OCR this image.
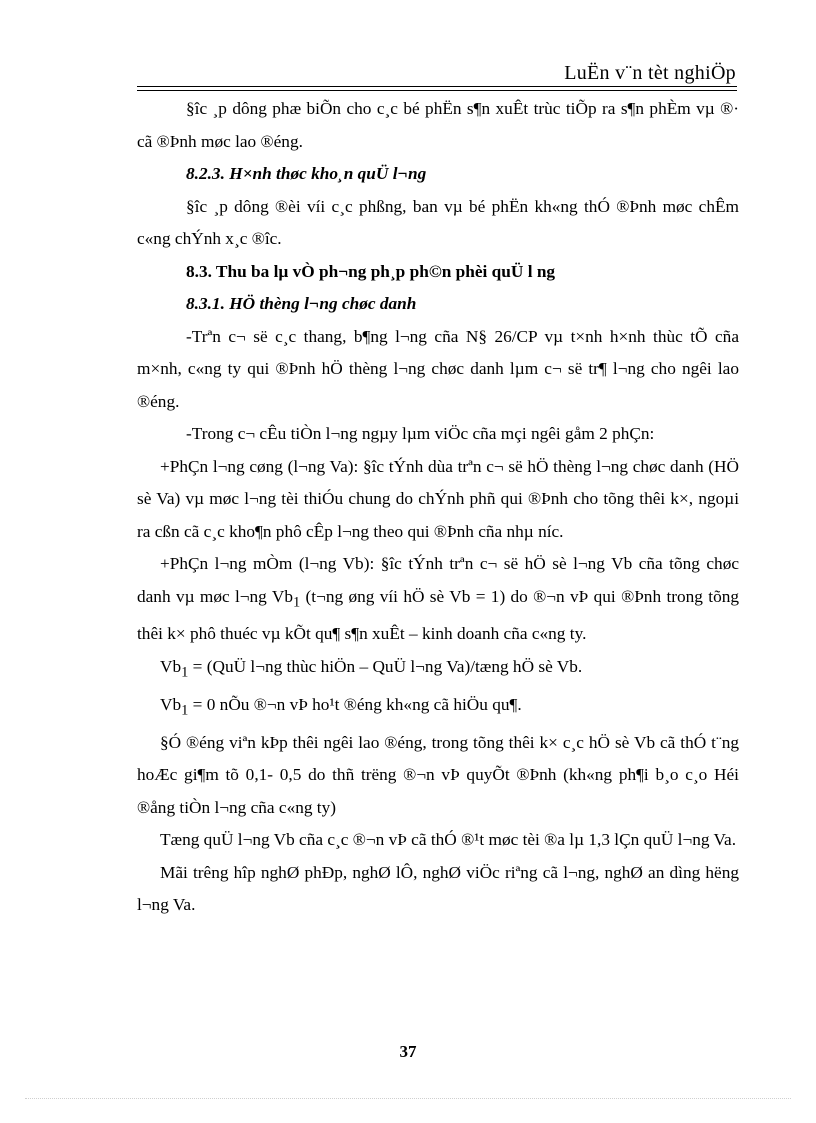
LuËn v¨n tèt nghiÖp

§îc ¸p dông phæ biÕn cho c¸c bé phËn s¶n xuÊt trùc tiÕp ra s¶n phÈm vµ ®· cã ®Þnh møc lao ®éng.

8.2.3. H×nh thøc kho¸n quÜ l¬ng

§îc ¸p dông ®èi víi c¸c phßng, ban vµ bé phËn kh«ng thÓ ®Þnh møc chÊm c«ng chÝnh x¸c ®îc.

8.3. Thu ba lµ vÒ ph¬ng ph¸p ph©n phèi quÜ l ng

8.3.1. HÖ thèng l¬ng chøc danh

-Trªn c¬ së c¸c thang, b¶ng l¬ng cña N§ 26/CP vµ t×nh h×nh thùc tÕ cña m×nh, c«ng ty qui ®Þnh hÖ thèng l¬ng chøc danh lµm c¬ së tr¶ l¬ng cho ngêi lao ®éng.

-Trong c¬ cÊu tiÒn l¬ng ngµy lµm viÖc cña mçi ngêi gåm 2 phÇn:

+PhÇn l¬ng cøng (l¬ng Va): §îc tÝnh dùa trªn c¬ së hÖ thèng l¬ng chøc danh (HÖ sè Va) vµ møc l¬ng tèi thiÓu chung do chÝnh phñ qui ®Þnh cho tõng thêi k×, ngoµi ra cßn cã c¸c kho¶n phô cÊp l¬ng theo qui ®Þnh cña nhµ níc.

+PhÇn l¬ng mÒm (l¬ng Vb): §îc tÝnh trªn c¬ së hÖ sè l¬ng Vb cña tõng chøc danh vµ møc l¬ng $Vb_1$ (t¬ng øng víi hÖ sè Vb = 1) do ®¬n vÞ qui ®Þnh trong tõng thêi k× phô thuéc vµ kÕt qu¶ s¶n xuÊt – kinh doanh cña c«ng ty.

$Vb_1$ = (QuÜ l¬ng thùc hiÖn – QuÜ l¬ng Va)/tæng hÖ sè Vb.

$Vb_1 = 0$ nÕu ®¬n vÞ ho¹t ®éng kh«ng cã hiÖu qu¶.

§Ó ®éng viªn kÞp thêi ngêi lao ®éng, trong tõng thêi k× c¸c hÖ sè Vb cã thÓ t¨ng hoÆc gi¶m tõ 0,1- 0,5 do thñ trëng ®¬n vÞ quyÕt ®Þnh (kh«ng ph¶i b¸o c¸o Héi ®ång tiÒn l¬ng cña c«ng ty)

Tæng quÜ l¬ng Vb cña c¸c ®¬n vÞ cã thÓ ®¹t møc tèi ®a lµ 1,3 lÇn quÜ l¬ng Va.

Mãi trêng hîp nghØ phÐp, nghØ lÔ, nghØ viÖc riªng cã l¬ng, nghØ an dìng hëng l¬ng Va.

37
